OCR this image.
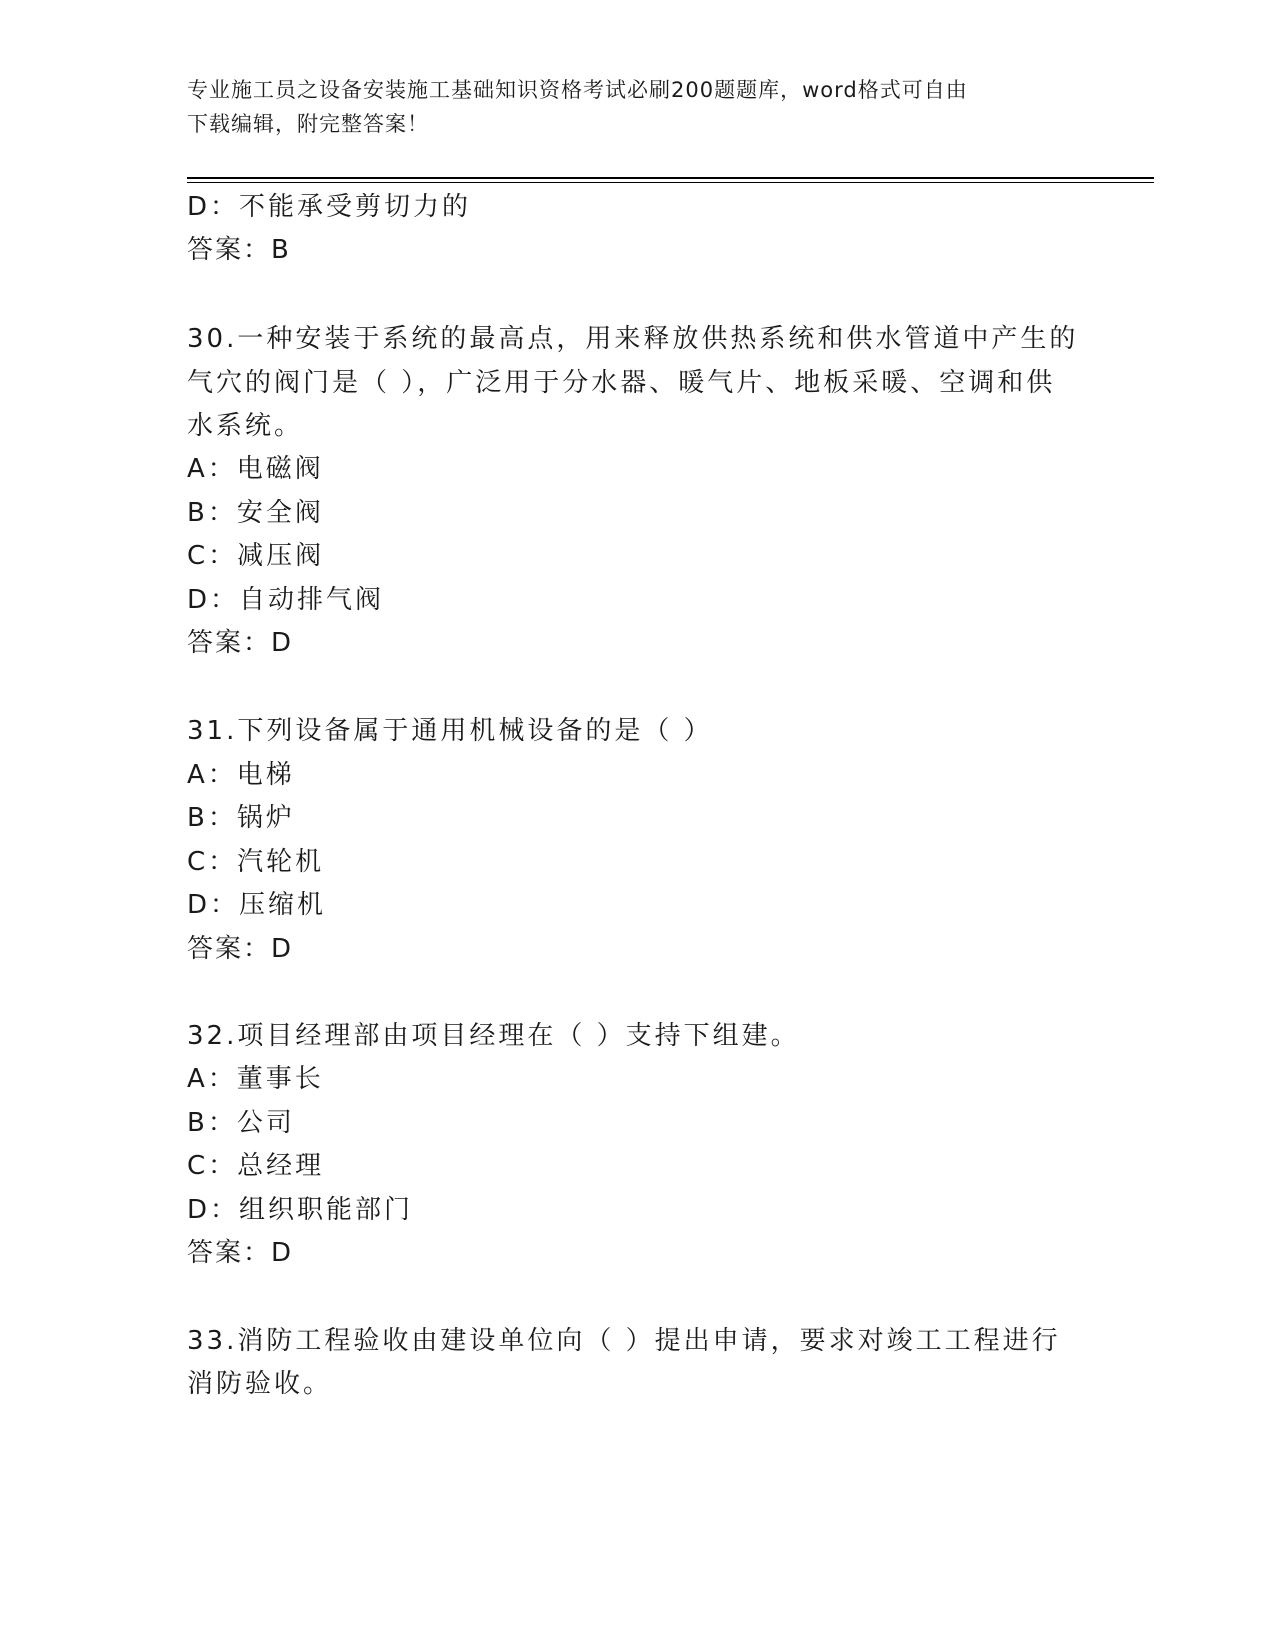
专业施工员之设备安装施工基础知识资格考试必刷200题题库，word格式可自由
下载编辑，附完整答案！

D：不能承受剪切力的

答案：B

30.一种安装于系统的最高点，用来释放供热系统和供水管道中产生的

气穴的阀门是（ ），广泛用于分水器、暖气片、地板采暖、空调和供

水系统。

A：电磁阀

B：安全阀

C：减压阀

D：自动排气阀

答案：D

31.下列设备属于通用机械设备的是（ ）

A：电梯

B：锅炉

C：汽轮机

D：压缩机

答案：D

32.项目经理部由项目经理在（ ）支持下组建。

A：董事长

B：公司

C：总经理

D：组织职能部门

答案：D

33.消防工程验收由建设单位向（ ）提出申请，要求对竣工工程进行

消防验收。
